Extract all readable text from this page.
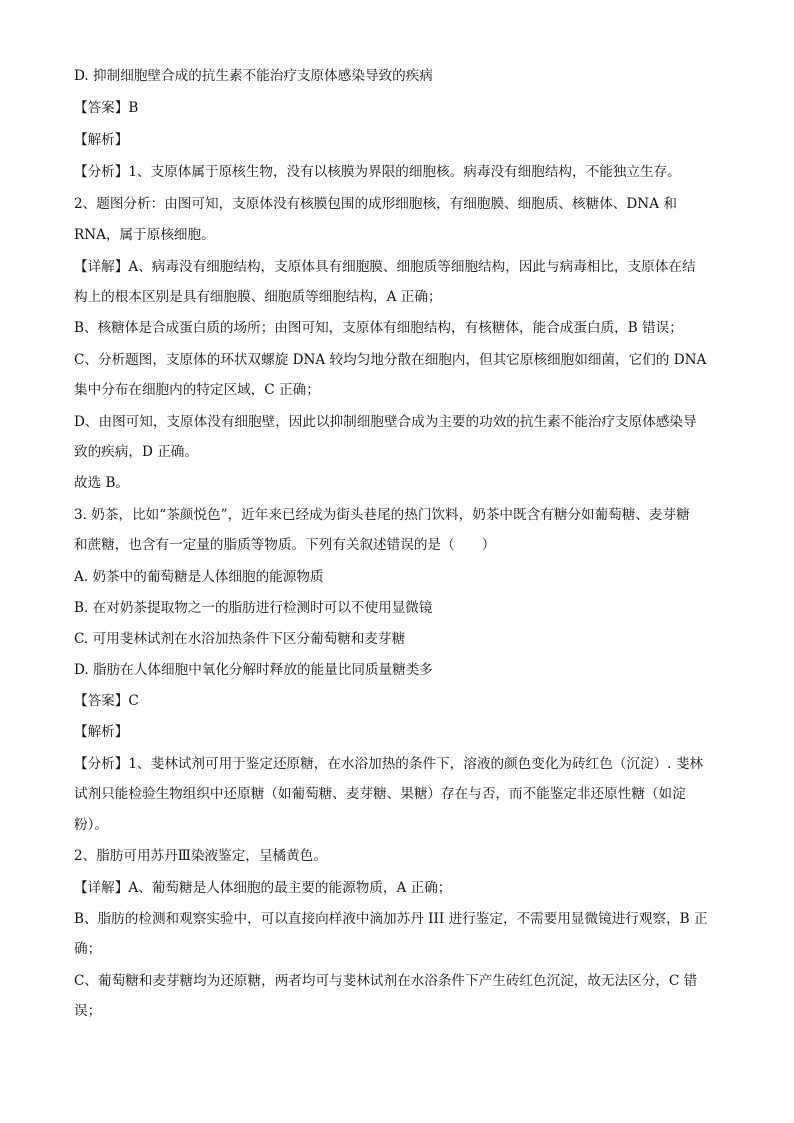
D. 抑制细胞壁合成的抗生素不能治疗支原体感染导致的疾病
【答案】B
【解析】
【分析】1、支原体属于原核生物，没有以核膜为界限的细胞核。病毒没有细胞结构，不能独立生存。
2、题图分析：由图可知，支原体没有核膜包围的成形细胞核，有细胞膜、细胞质、核糖体、DNA 和
RNA，属于原核细胞。
【详解】A、病毒没有细胞结构，支原体具有细胞膜、细胞质等细胞结构，因此与病毒相比，支原体在结
构上的根本区别是具有细胞膜、细胞质等细胞结构，A 正确；
B、核糖体是合成蛋白质的场所；由图可知，支原体有细胞结构，有核糖体，能合成蛋白质，B 错误；
C、分析题图，支原体的环状双螺旋 DNA 较均匀地分散在细胞内，但其它原核细胞如细菌，它们的 DNA
集中分布在细胞内的特定区域，C 正确；
D、由图可知，支原体没有细胞壁，因此以抑制细胞壁合成为主要的功效的抗生素不能治疗支原体感染导
致的疾病，D 正确。
故选 B。
3. 奶茶，比如“茶颜悦色”，近年来已经成为街头巷尾的热门饮料，奶茶中既含有糖分如葡萄糖、麦芽糖
和蔗糖，也含有一定量的脂质等物质。下列有关叙述错误的是（　　）
A. 奶茶中的葡萄糖是人体细胞的能源物质
B. 在对奶茶提取物之一的脂肪进行检测时可以不使用显微镜
C. 可用斐林试剂在水浴加热条件下区分葡萄糖和麦芽糖
D. 脂肪在人体细胞中氧化分解时释放的能量比同质量糖类多
【答案】C
【解析】
【分析】1、斐林试剂可用于鉴定还原糖，在水浴加热的条件下，溶液的颜色变化为砖红色（沉淀）. 斐林
试剂只能检验生物组织中还原糖（如葡萄糖、麦芽糖、果糖）存在与否，而不能鉴定非还原性糖（如淀
粉）。
2、脂肪可用苏丹Ⅲ染液鉴定，呈橘黄色。
【详解】A、葡萄糖是人体细胞的最主要的能源物质，A 正确；
B、脂肪的检测和观察实验中，可以直接向样液中滴加苏丹 III 进行鉴定，不需要用显微镜进行观察，B 正
确；
C、葡萄糖和麦芽糖均为还原糖，两者均可与斐林试剂在水浴条件下产生砖红色沉淀，故无法区分，C 错
误；
